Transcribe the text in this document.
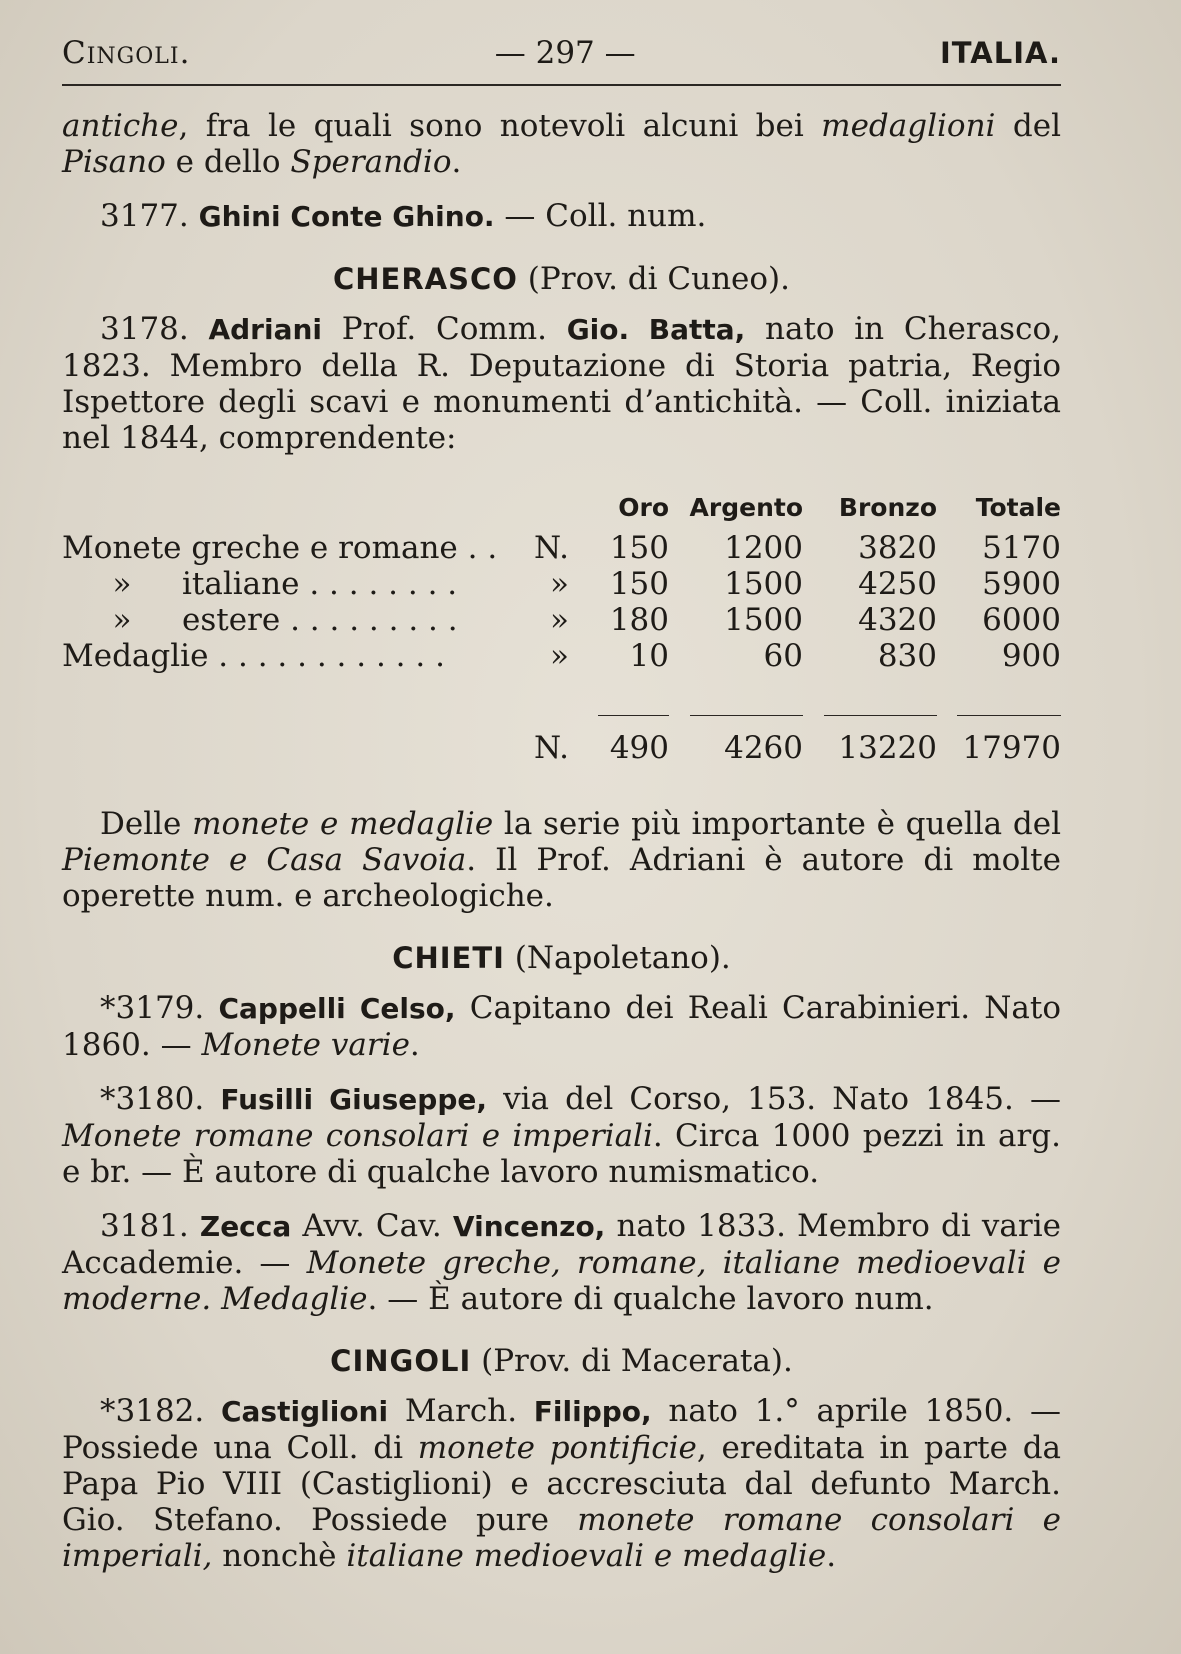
Cingoli.	— 297 —	ITALIA.

antiche, fra le quali sono notevoli alcuni bei medaglioni del Pisano e dello Sperandio.

3177. Ghini Conte Ghino. — Coll. num.

CHERASCO (Prov. di Cuneo).

3178. Adriani Prof. Comm. Gio. Batta, nato in Cherasco, 1823. Membro della R. Deputazione di Storia patria, Regio Ispettore degli scavi e monumenti d’antichità. — Coll. iniziata nel 1844, comprendente:

		Oro	Argento	Bronzo	Totale
Monete greche e romane . .	N.	150	1200	3820	5170
» italiane . . . . . . . .	»	150	1500	4250	5900
» estere . . . . . . . . .	»	180	1500	4320	6000
Medaglie . . . . . . . . . . . .	»	10	60	830	900

	N.	490	4260	13220	17970

Delle monete e medaglie la serie più importante è quella del Piemonte e Casa Savoia. Il Prof. Adriani è autore di molte operette num. e archeologiche.

CHIETI (Napoletano).

*3179. Cappelli Celso, Capitano dei Reali Carabinieri. Nato 1860. — Monete varie.

*3180. Fusilli Giuseppe, via del Corso, 153. Nato 1845. — Monete romane consolari e imperiali. Circa 1000 pezzi in arg. e br. — È autore di qualche lavoro numismatico.

3181. Zecca Avv. Cav. Vincenzo, nato 1833. Membro di varie Accademie. — Monete greche, romane, italiane medioevali e moderne. Medaglie. — È autore di qualche lavoro num.

CINGOLI (Prov. di Macerata).

*3182. Castiglioni March. Filippo, nato 1.° aprile 1850. — Possiede una Coll. di monete pontificie, ereditata in parte da Papa Pio VIII (Castiglioni) e accresciuta dal defunto March. Gio. Stefano. Possiede pure monete romane consolari e imperiali, nonchè italiane medioevali e medaglie.
